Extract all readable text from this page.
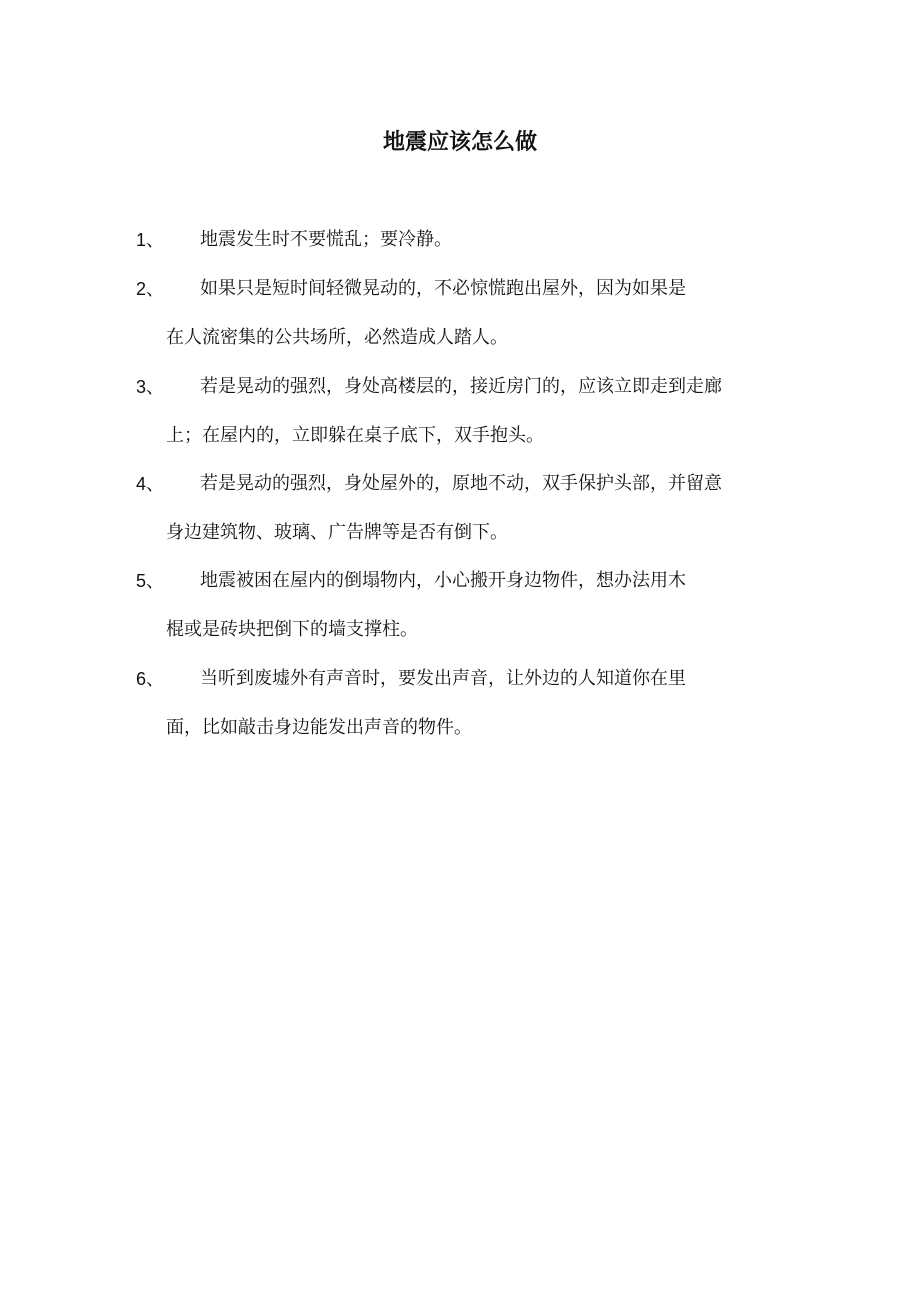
地震应该怎么做
1、 地震发生时不要慌乱；要冷静。
2、 如果只是短时间轻微晃动的，不必惊慌跑出屋外，因为如果是
在人流密集的公共场所，必然造成人踏人。
3、 若是晃动的强烈，身处高楼层的，接近房门的，应该立即走到走廊
上；在屋内的，立即躲在桌子底下，双手抱头。
4、 若是晃动的强烈，身处屋外的，原地不动，双手保护头部，并留意
身边建筑物、玻璃、广告牌等是否有倒下。
5、 地震被困在屋内的倒塌物内，小心搬开身边物件，想办法用木
棍或是砖块把倒下的墙支撑柱。
6、 当听到废墟外有声音时，要发出声音，让外边的人知道你在里
面，比如敲击身边能发出声音的物件。
